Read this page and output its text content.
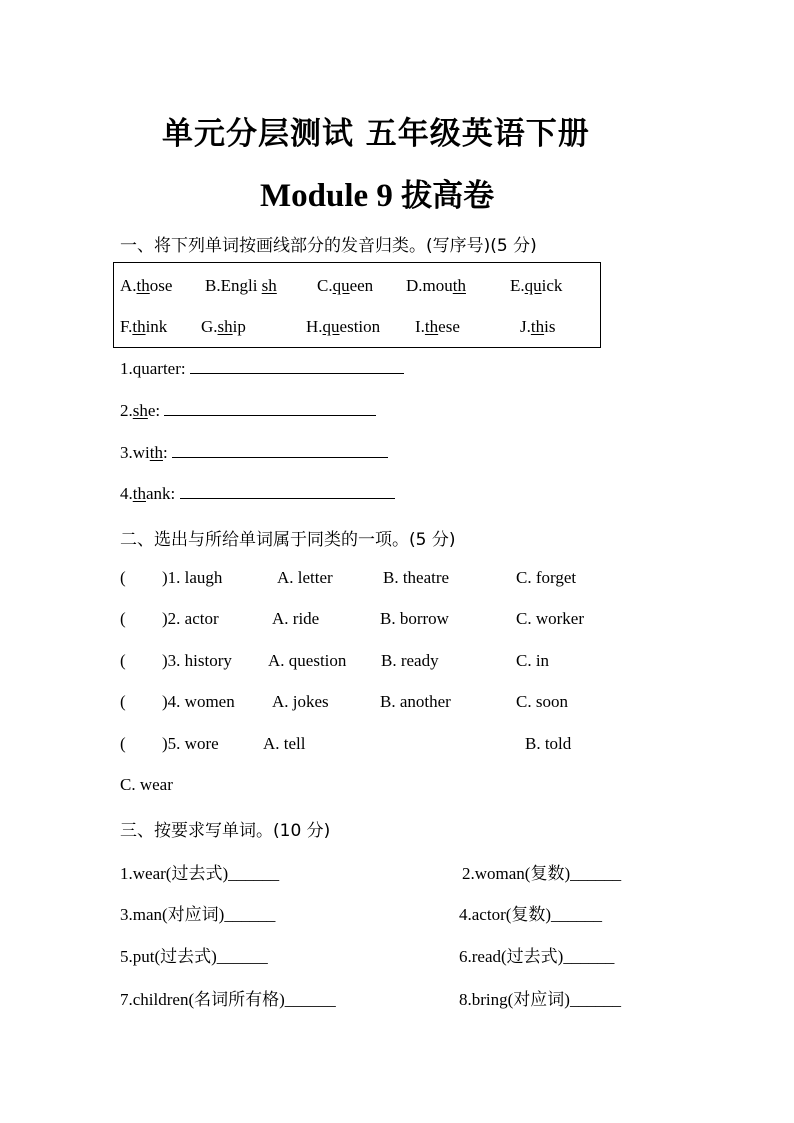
单元分层测试 五年级英语下册
Module 9 拔高卷
一、将下列单词按画线部分的发音归类。(写序号)(5 分)
A.those B.Engli sh C.queen D.mouth	E.quick
F.think G.ship	H.question I.these	J.this
1.quarter:
2.she:
3.with:
4.thank:
二、选出与所给单词属于同类的一项。(5 分)
( )1. laugh	A. letter	B. theatre	C. forget
( )2. actor	A. ride	B. borrow	C. worker
( )3. history A. question B. ready	C. in
( )4. women A. jokes	B. another	C. soon
( )5. wore	A. tell	B. told
C. wear
三、按要求写单词。(10 分)
1.wear(过去式)______	2.woman(复数)______
3.man(对应词)______	4.actor(复数)______
5.put(过去式)______	6.read(过去式)______
7.children(名词所有格)______	8.bring(对应词)______
